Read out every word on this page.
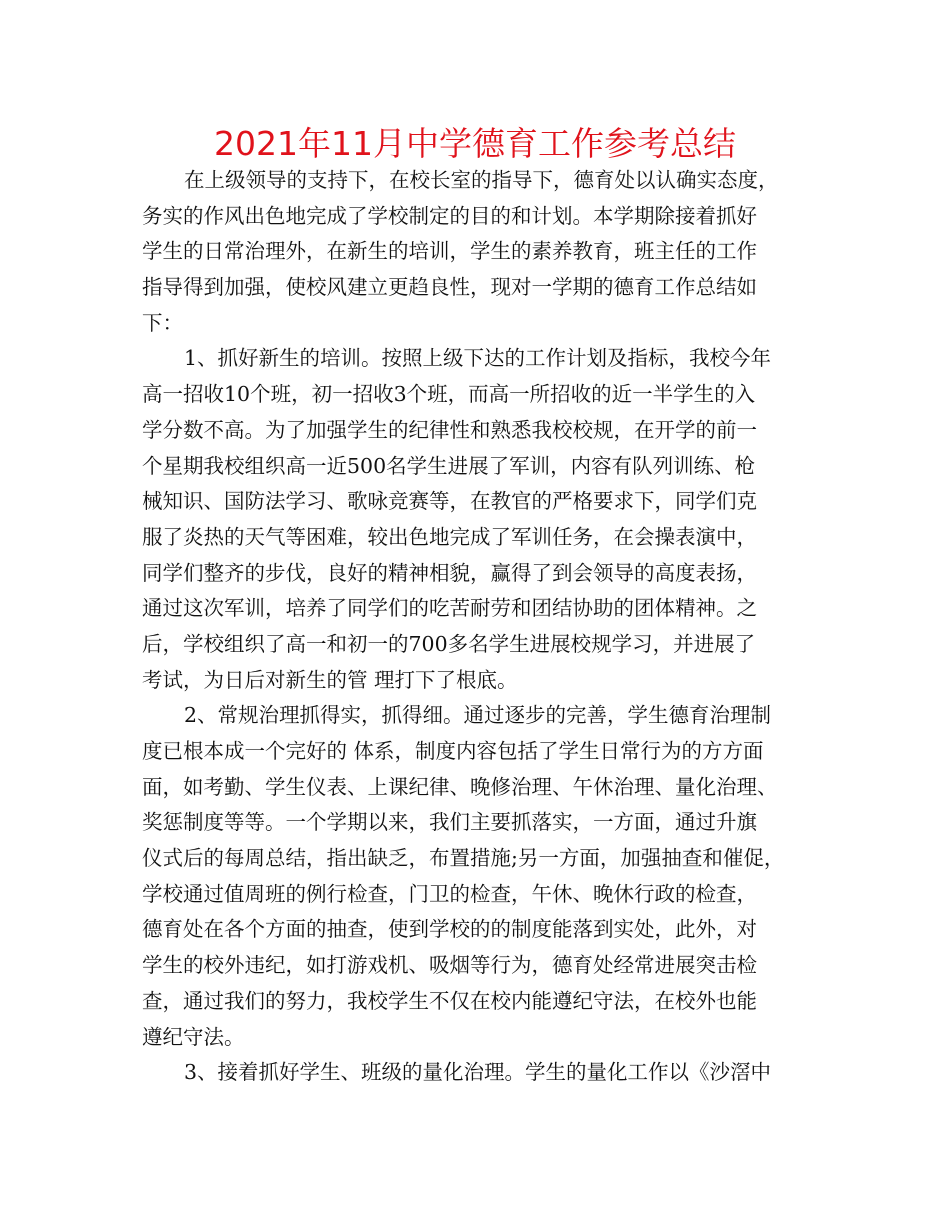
2021年11月中学德育工作参考总结
在上级领导的支持下，在校长室的指导下，德育处以认确实态度，
务实的作风出色地完成了学校制定的目的和计划。本学期除接着抓好
学生的日常治理外，在新生的培训，学生的素养教育，班主任的工作
指导得到加强，使校风建立更趋良性，现对一学期的德育工作总结如
下：
1、抓好新生的培训。按照上级下达的工作计划及指标，我校今年
高一招收10个班，初一招收3个班，而高一所招收的近一半学生的入
学分数不高。为了加强学生的纪律性和熟悉我校校规，在开学的前一
个星期我校组织高一近500名学生进展了军训，内容有队列训练、枪
械知识、国防法学习、歌咏竞赛等，在教官的严格要求下，同学们克
服了炎热的天气等困难，较出色地完成了军训任务，在会操表演中，
同学们整齐的步伐，良好的精神相貌，赢得了到会领导的高度表扬，
通过这次军训，培养了同学们的吃苦耐劳和团结协助的团体精神。之
后，学校组织了高一和初一的700多名学生进展校规学习，并进展了
考试，为日后对新生的管 理打下了根底。
2、常规治理抓得实，抓得细。通过逐步的完善，学生德育治理制
度已根本成一个完好的 体系，制度内容包括了学生日常行为的方方面
面，如考勤、学生仪表、上课纪律、晚修治理、午休治理、量化治理、
奖惩制度等等。一个学期以来，我们主要抓落实，一方面，通过升旗
仪式后的每周总结，指出缺乏，布置措施;另一方面，加强抽查和催促，
学校通过值周班的例行检查，门卫的检查，午休、晚休行政的检查，
德育处在各个方面的抽查，使到学校的的制度能落到实处，此外，对
学生的校外违纪，如打游戏机、吸烟等行为，德育处经常进展突击检
查，通过我们的努力，我校学生不仅在校内能遵纪守法，在校外也能
遵纪守法。
3、接着抓好学生、班级的量化治理。学生的量化工作以《沙滘中
